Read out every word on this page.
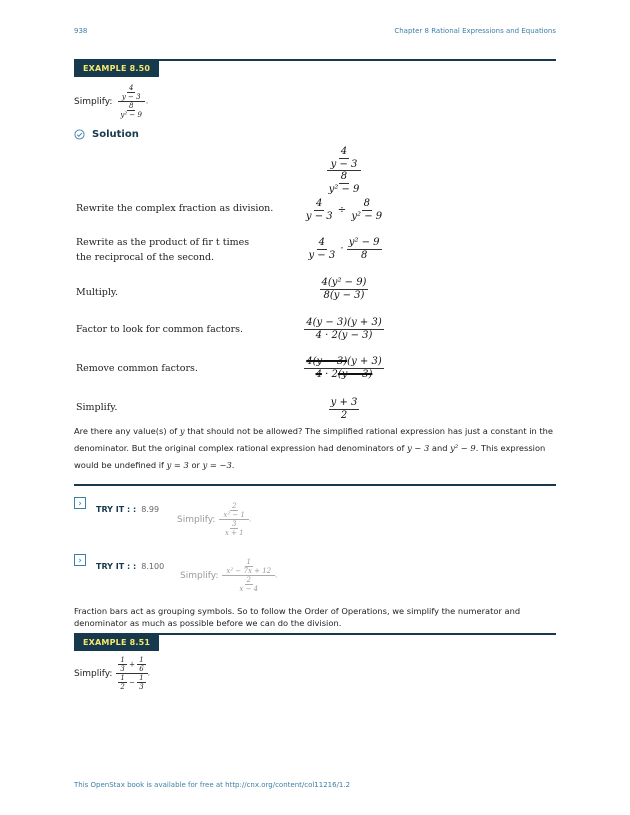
938	Chapter 8 Rational Expressions and Equations
EXAMPLE 8.50
Simplify: $\frac{\frac{4}{y - 3}}{\frac{8}{\text{y² − 9}}}$ .
Solution
$\frac{\frac{4}{y - 3}}{\frac{8}{\text{y² − 9}}}$
Rewrite the complex fraction as division.	$\frac{4}{y - 3} \div \frac{8}{\text{y² − 9}}$
Rewrite as the product of fir t times the reciprocal of the second.	$\frac{4}{y - 3} \cdot \frac{\text{y² − 9}}{8}$
Multiply.	$\frac{\text{4(y² − 9)}}{8(y - 3)}$
Factor to look for common factors.	$\frac{4(y - 3)(y + 3)}{4 \cdot 2(y - 3)}$
Remove common factors.	$\frac{4(y - 3)(y + 3)}{4 \cdot 2(y - 3)}$
Simplify.	$\frac{y + 3}{2}$
Are there any value(s) of y that should not be allowed? The simplified rational expression has just a constant in the denominator. But the original complex rational expression had denominators of y − 3 and y² − 9. This expression would be undefined if y = 3 or y = −3.
›
TRY IT : : 8.99
Simplify: $\frac{\frac{2}{\text{x² − 1}}}{\frac{3}{x + 1}}$ .
›
TRY IT : : 8.100
Simplify: $\frac{\frac{1}{\text{x² − 7x + 12}}}{\frac{2}{x - 4}}$ .
Fraction bars act as grouping symbols. So to follow the Order of Operations, we simplify the numerator and denominator as much as possible before we can do the division.
EXAMPLE 8.51
Simplify: $\frac{\frac{1}{3} + \frac{1}{6}}{\frac{1}{2} - \frac{1}{3}}$ .
This OpenStax book is available for free at http://cnx.org/content/col11216/1.2
